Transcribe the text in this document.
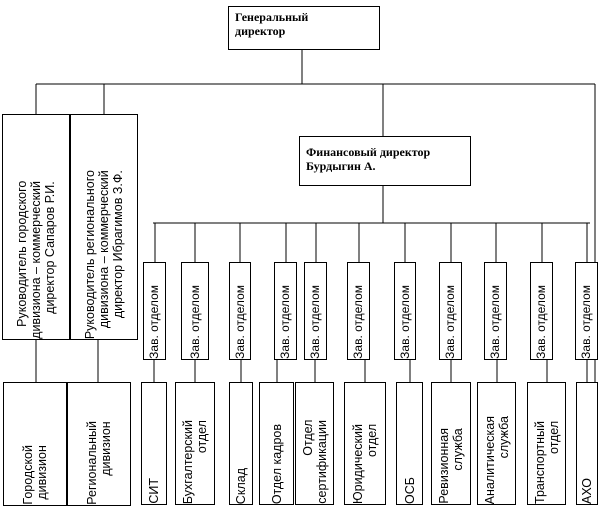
Генеральный
директор
Финансовый директор
Бурдыгин А.
Руководитель городского
дивизиона – коммерческий
директор Сапаров Р.И.
Руководитель регионального
дивизиона – коммерческий
директор Ибрагимов З.Ф.
Городской
дивизион	Региональный
дивизион
Зав. отделом
СИТ
Зав. отделом
Бухгалтерский
отдел
Зав. отделом
Склад
Зав. отделом
Отдел кадров
Зав. отделом
Отдел
сертификации
Зав. отделом
Юридический
отдел
Зав. отделом
ОСБ
Зав. отделом
Ревизионная
служба
Зав. отделом
Аналитическая
служба
Зав. отделом
Транспортный
отдел
Зав. отделом
АХО
